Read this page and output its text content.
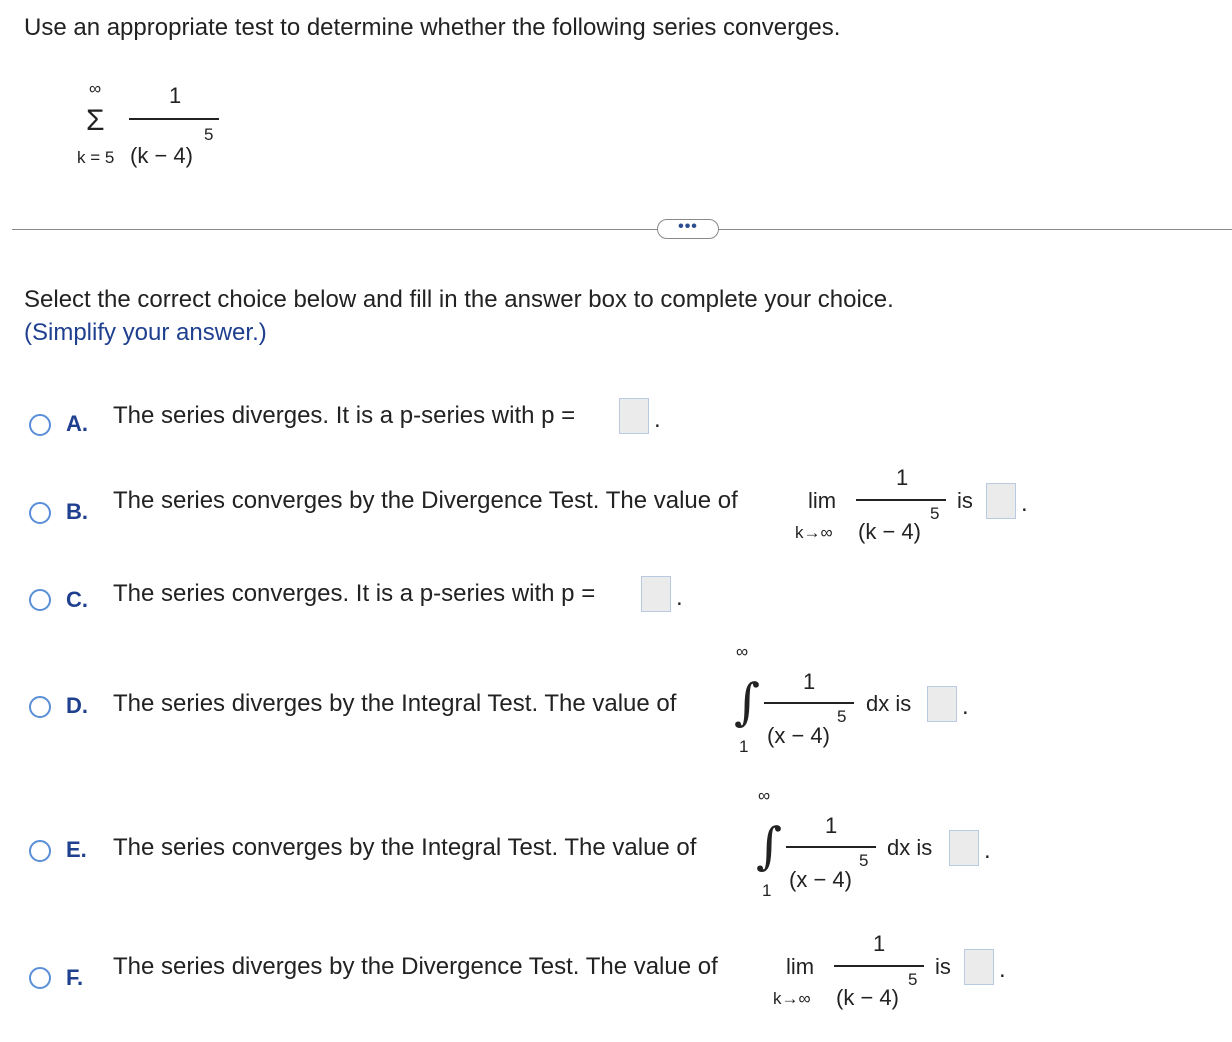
Use an appropriate test to determine whether the following series converges.
∞
Σ
k = 5
1
(k − 4)
5
•••
Select the correct choice below and fill in the answer box to complete your choice.
(Simplify your answer.)
A. The series diverges. It is a p-series with p =	.
B. The series converges by the Divergence Test. The value of	lim
k→∞
1
(k − 4)
5
is .
C. The series converges. It is a p-series with p =	.
D. The series diverges by the Integral Test. The value of
∞
∫
1
1
(x − 4)
5
dx is .
E. The series converges by the Integral Test. The value of
∞
∫
1
1
(x − 4)
5
dx is .
F. The series diverges by the Divergence Test. The value of	lim
k→∞
1
(k − 4)
5
is .
